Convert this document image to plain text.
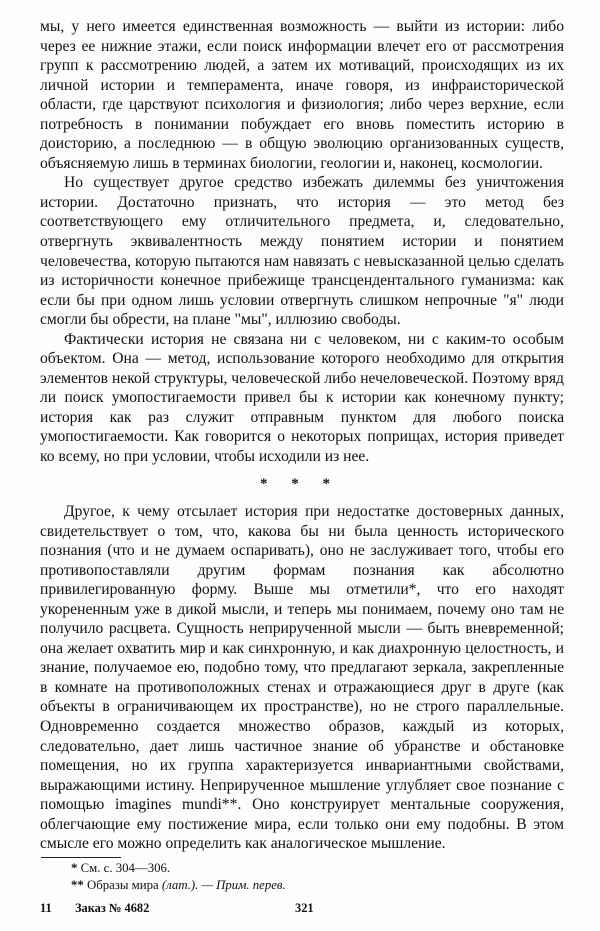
мы, у него имеется единственная возможность — выйти из истории: либо через ее нижние этажи, если поиск информации влечет его от рассмотрения групп к рассмотрению людей, а затем их мотиваций, происходящих из их личной истории и темперамента, иначе говоря, из инфраисторической области, где царствуют психология и физиология; либо через верхние, если потребность в понимании побуждает его вновь поместить историю в доисторию, а последнюю — в общую эволюцию организованных существ, объясняемую лишь в терминах биологии, геологии и, наконец, космологии.

Но существует другое средство избежать дилеммы без уничтожения истории. Достаточно признать, что история — это метод без соответствующего ему отличительного предмета, и, следовательно, отвергнуть эквивалентность между понятием истории и понятием человечества, которую пытаются нам навязать с невысказанной целью сделать из историчности конечное прибежище трансцендентального гуманизма: как если бы при одном лишь условии отвергнуть слишком непрочные "я" люди смогли бы обрести, на плане "мы", иллюзию свободы.

Фактически история не связана ни с человеком, ни с каким-то особым объектом. Она — метод, использование которого необходимо для открытия элементов некой структуры, человеческой либо нечеловеческой. Поэтому вряд ли поиск умопостигаемости привел бы к истории как конечному пункту; история как раз служит отправным пунктом для любого поиска умопостигаемости. Как говорится о некоторых поприщах, история приведет ко всему, но при условии, чтобы исходили из нее.

* * *

Другое, к чему отсылает история при недостатке достоверных данных, свидетельствует о том, что, какова бы ни была ценность исторического познания (что и не думаем оспаривать), оно не заслуживает того, чтобы его противопоставляли другим формам познания как абсолютно привилегированную форму. Выше мы отметили*, что его находят укорененным уже в дикой мысли, и теперь мы понимаем, почему оно там не получило расцвета. Сущность неприрученной мысли — быть вневременной; она желает охватить мир и как синхронную, и как диахронную целостность, и знание, получаемое ею, подобно тому, что предлагают зеркала, закрепленные в комнате на противоположных стенах и отражающиеся друг в друге (как объекты в ограничивающем их пространстве), но не строго параллельные. Одновременно создается множество образов, каждый из которых, следовательно, дает лишь частичное знание об убранстве и обстановке помещения, но их группа характеризуется инвариантными свойствами, выражающими истину. Неприрученное мышление углубляет свое познание с помощью imagines mundi**. Оно конструирует ментальные сооружения, облегчающие ему постижение мира, если только они ему подобны. В этом смысле его можно определить как аналогическое мышление.

* См. с. 304—306.
** Образы мира (лат.). — Прим. перев.
11 Заказ № 4682	321
